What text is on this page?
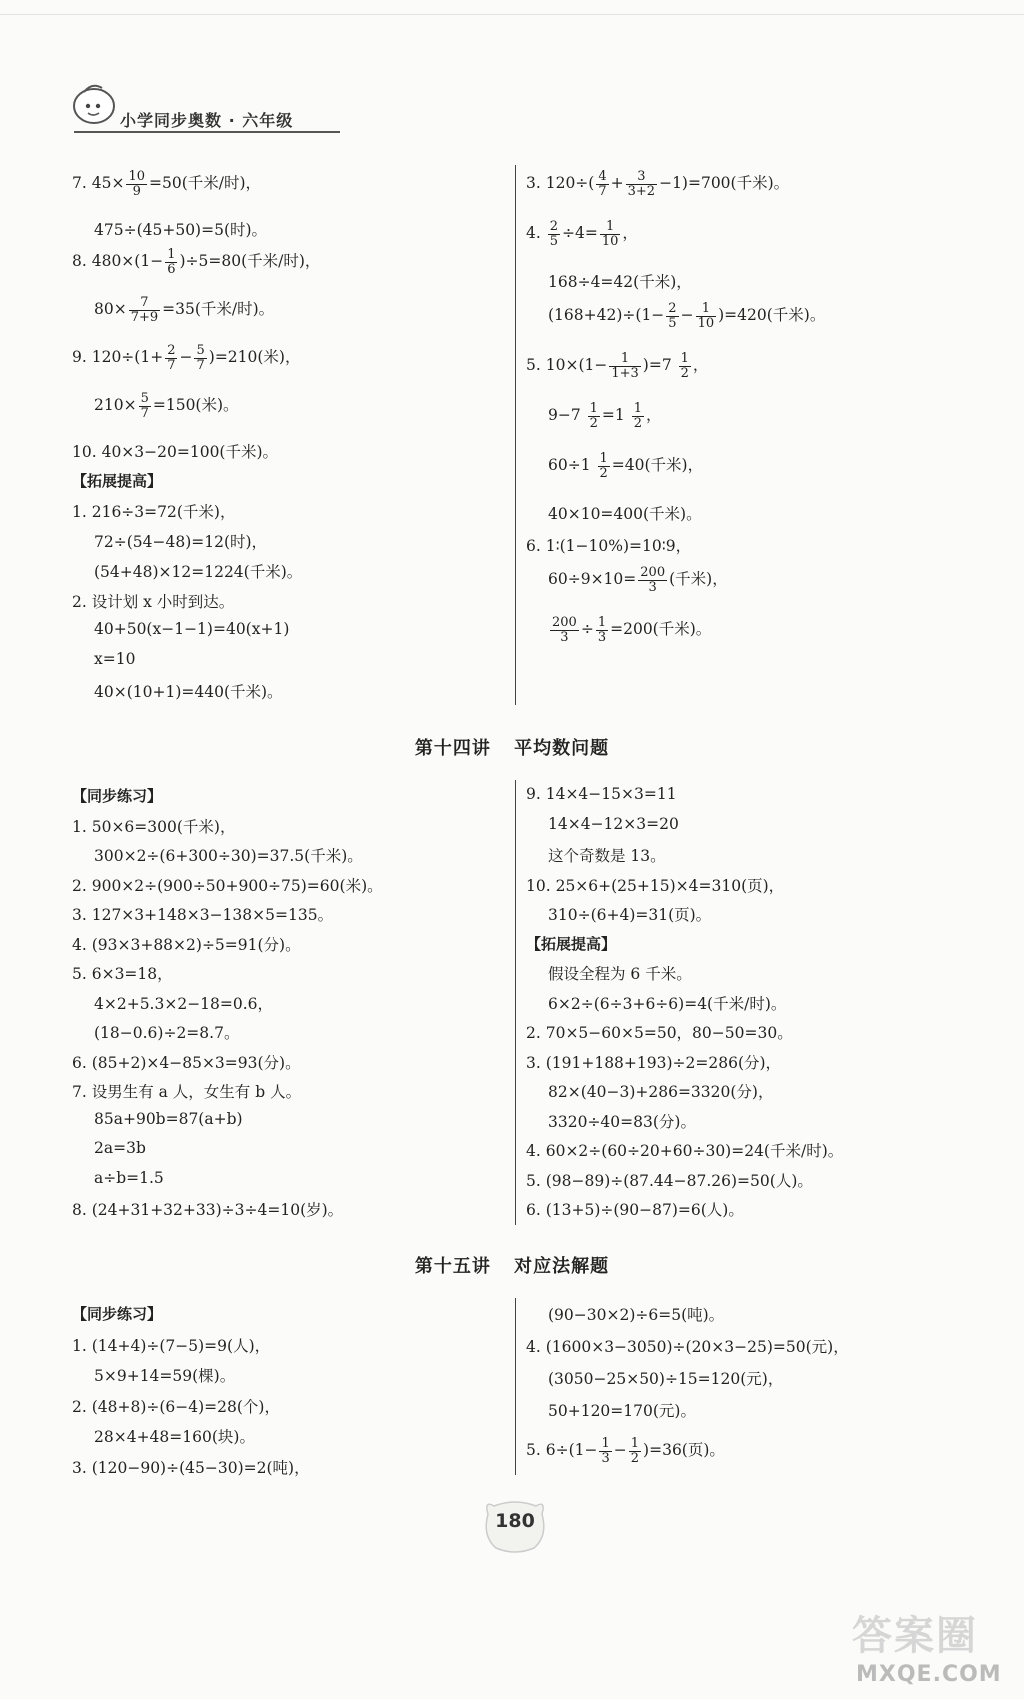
小学同步奥数 · 六年级
7. $45\times \frac{10}{9} =50$(千米/时)，
475÷(45+50)=5(时)。
8. $480\times(1- \frac{1}{6} )\div 5=80$(千米/时)，
$80\times \frac{7}{7+9} =35$(千米/时)。
9. $120\div(1+ \frac{2}{7} - \frac{5}{7} )=210$(米)，
$210\times \frac{5}{7} =150$(米)。
10. 40×3−20=100(千米)。
【拓展提高】
1. 216÷3=72(千米)，
72÷(54−48)=12(时)，
(54+48)×12=1224(千米)。
2. 设计划 x 小时到达。
40+50(x−1−1)=40(x+1)
x=10
40×(10+1)=440(千米)。
3. $120\div( \frac{4}{7} + \frac{3}{3+2} -1)=700$(千米)。
4. $\frac{2}{5} \div 4= \frac{1}{10}$ ，
168÷4=42(千米)，
$(168+42)\div(1- \frac{2}{5} - \frac{1}{10} )=420$(千米)。
5. $10\times(1- \frac{1}{1+3} )=7 \frac{1}{2}$ ，
$9-7 \frac{1}{2} =1 \frac{1}{2}$ ，
$60\div 1 \frac{1}{2} =40$(千米)，
40×10=400(千米)。
6. 1∶(1−10%)=10∶9，
$60\div 9\times 10= \frac{200}{3}$ (千米)，
$\frac{200}{3} \div \frac{1}{3} =200$(千米)。
第十四讲 平均数问题
【同步练习】
1. 50×6=300(千米)，
300×2÷(6+300÷30)=37.5(千米)。
2. 900×2÷(900÷50+900÷75)=60(米)。
3. 127×3+148×3−138×5=135。
4. (93×3+88×2)÷5=91(分)。
5. 6×3=18，
4×2+5.3×2−18=0.6，
(18−0.6)÷2=8.7。
6. (85+2)×4−85×3=93(分)。
7. 设男生有 a 人，女生有 b 人。
85a+90b=87(a+b)
2a=3b
a÷b=1.5
8. (24+31+32+33)÷3÷4=10(岁)。
9. 14×4−15×3=11
14×4−12×3=20
这个奇数是 13。
10. 25×6+(25+15)×4=310(页)，
310÷(6+4)=31(页)。
【拓展提高】
假设全程为 6 千米。
6×2÷(6÷3+6÷6)=4(千米/时)。
2. 70×5−60×5=50，80−50=30。
3. (191+188+193)÷2=286(分)，
82×(40−3)+286=3320(分)，
3320÷40=83(分)。
4. 60×2÷(60÷20+60÷30)=24(千米/时)。
5. (98−89)÷(87.44−87.26)=50(人)。
6. (13+5)÷(90−87)=6(人)。
第十五讲 对应法解题
【同步练习】
1. (14+4)÷(7−5)=9(人)，
5×9+14=59(棵)。
2. (48+8)÷(6−4)=28(个)，
28×4+48=160(块)。
3. (120−90)÷(45−30)=2(吨)，
(90−30×2)÷6=5(吨)。
4. (1600×3−3050)÷(20×3−25)=50(元)，
(3050−25×50)÷15=120(元)，
50+120=170(元)。
5. $6\div(1- \frac{1}{3} - \frac{1}{2} )=36$(页)。
180
答案圈
MXQE.COM
